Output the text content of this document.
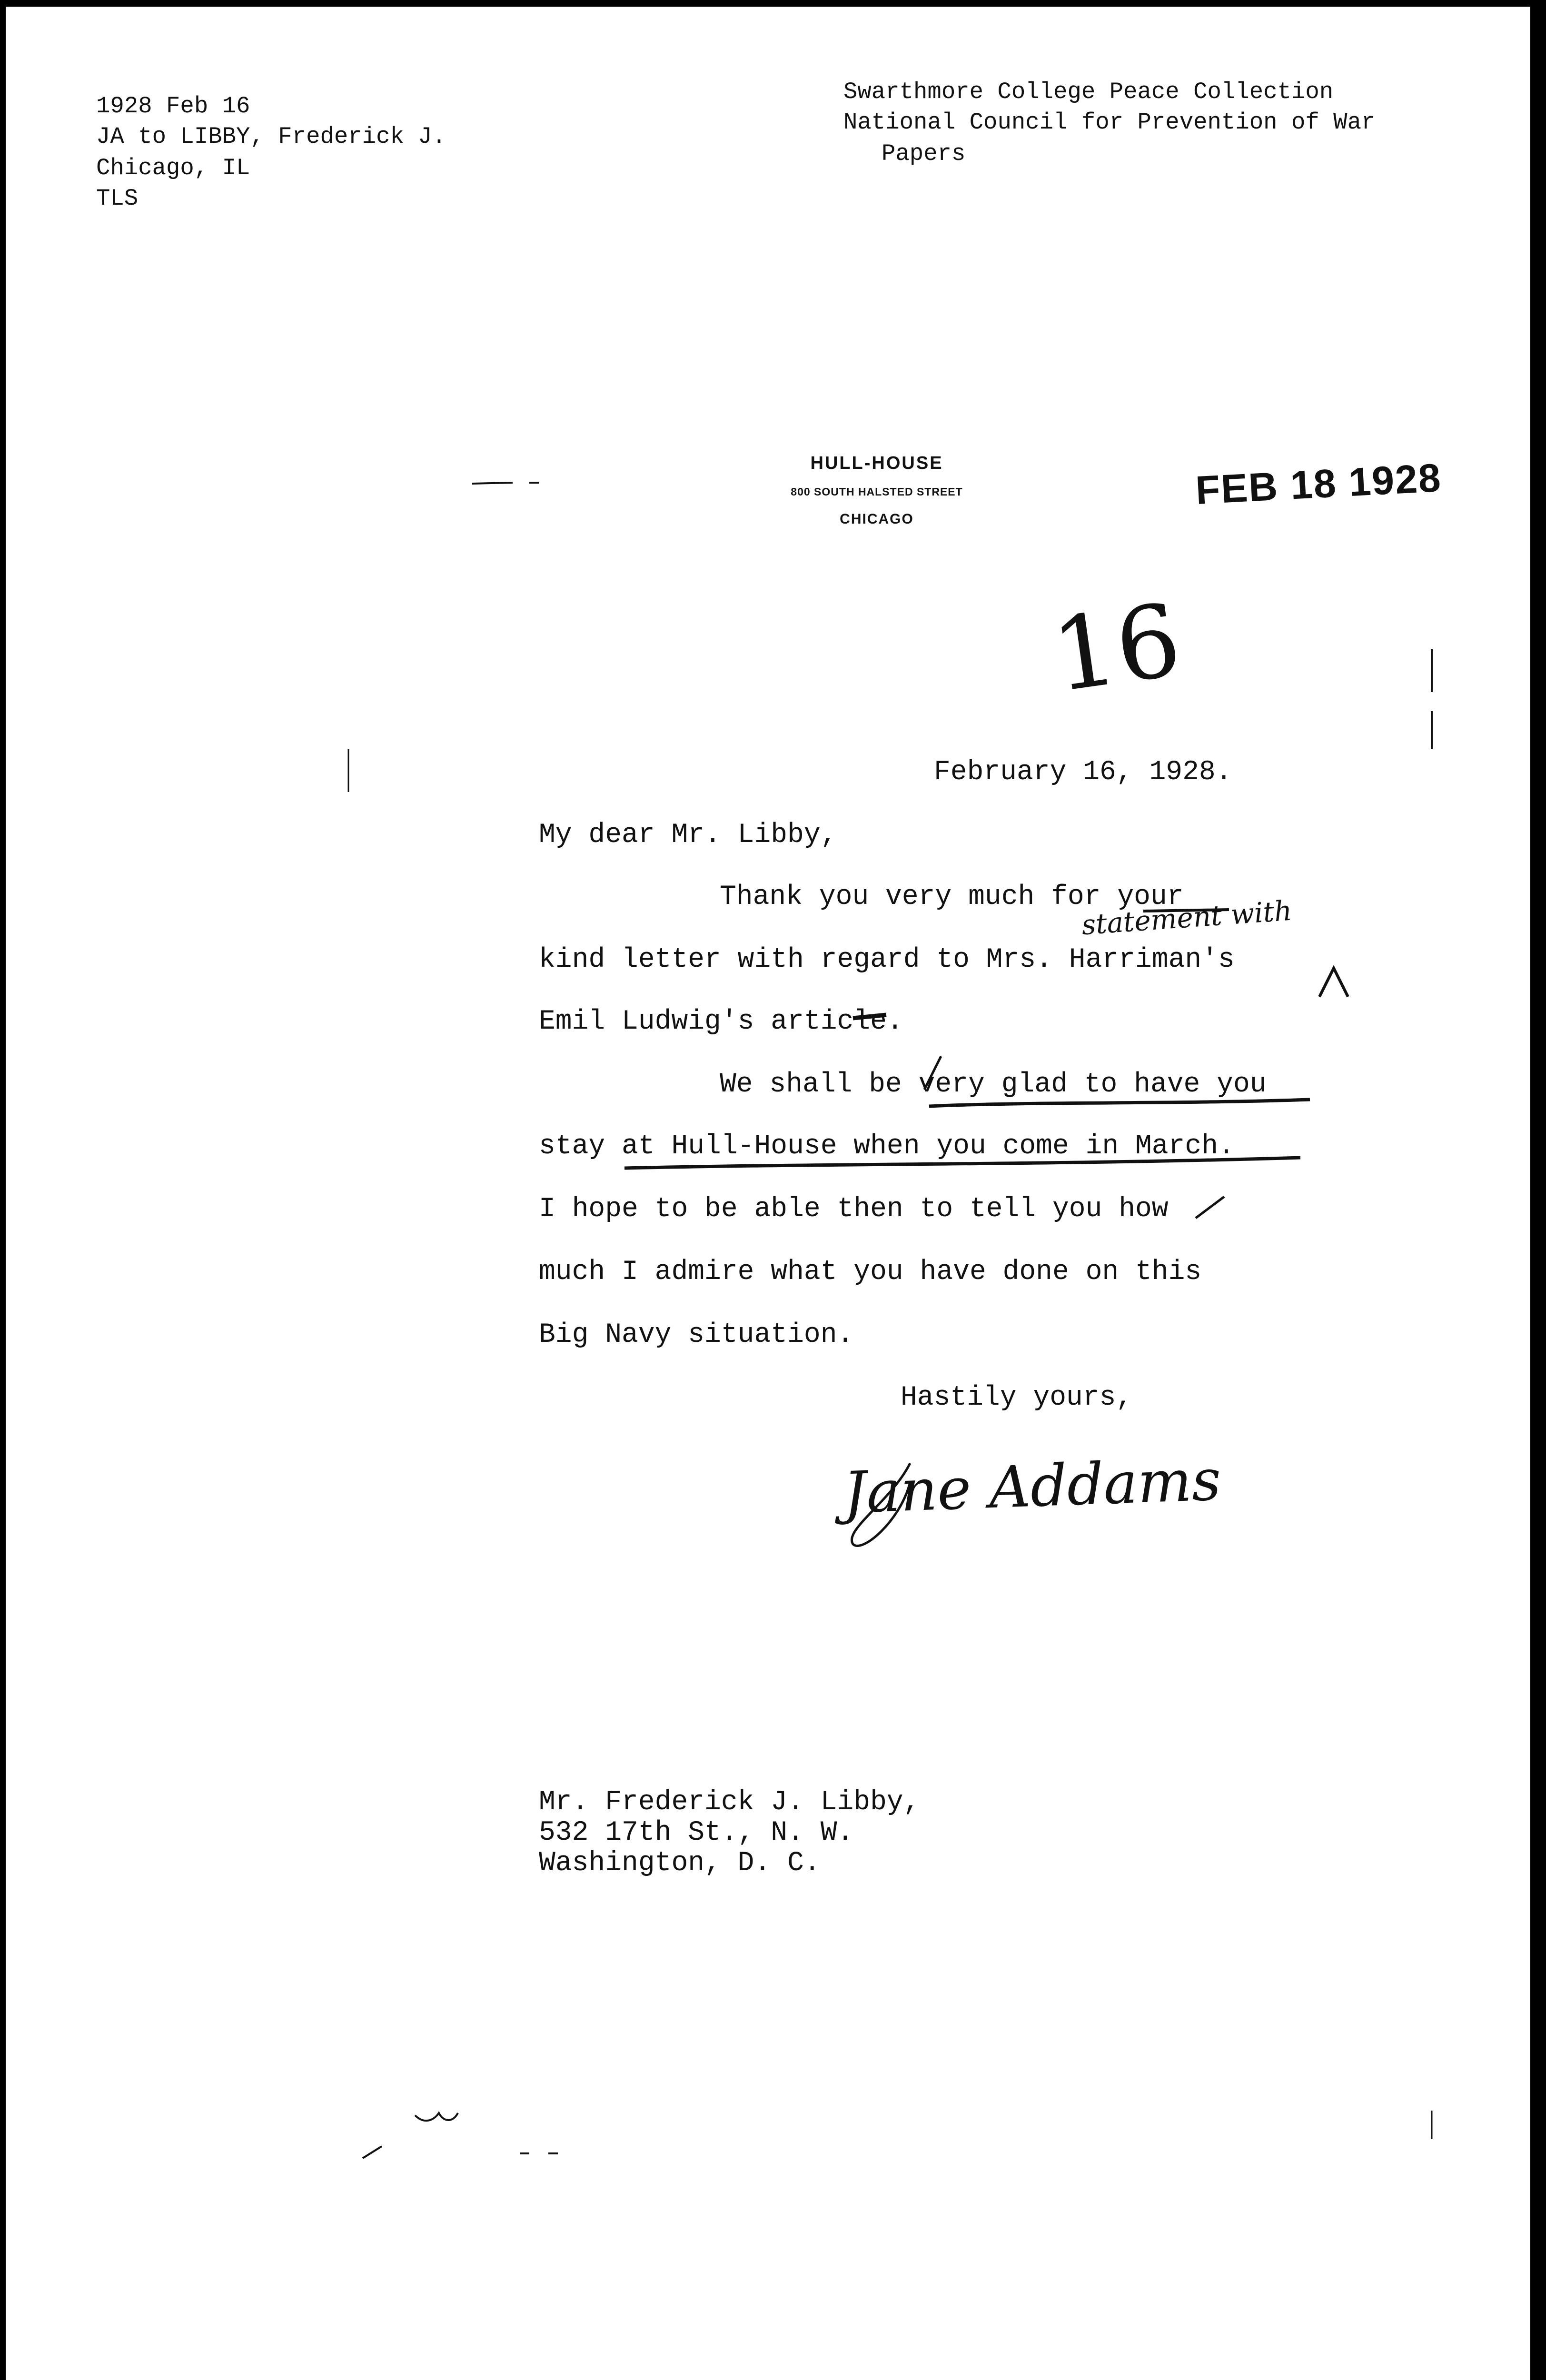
1928 Feb 16
JA to LIBBY, Frederick J.
Chicago, IL
TLS
Swarthmore College Peace Collection
National Council for Prevention of War
Papers
HULL-HOUSE
800 SOUTH HALSTED STREET
CHICAGO
FEB 18 1928
16
February 16, 1928.
My dear Mr. Libby,
Thank you very much for your
kind letter with regard to Mrs. Harriman's
Emil Ludwig's article.
We shall be very glad to have you
stay at Hull-House when you come in March.
I hope to be able then to tell you how
much I admire what you have done on this
Big Navy situation.
Hastily yours,
statement with
Jane Addams
Mr. Frederick J. Libby,
532 17th St., N. W.
Washington, D. C.
